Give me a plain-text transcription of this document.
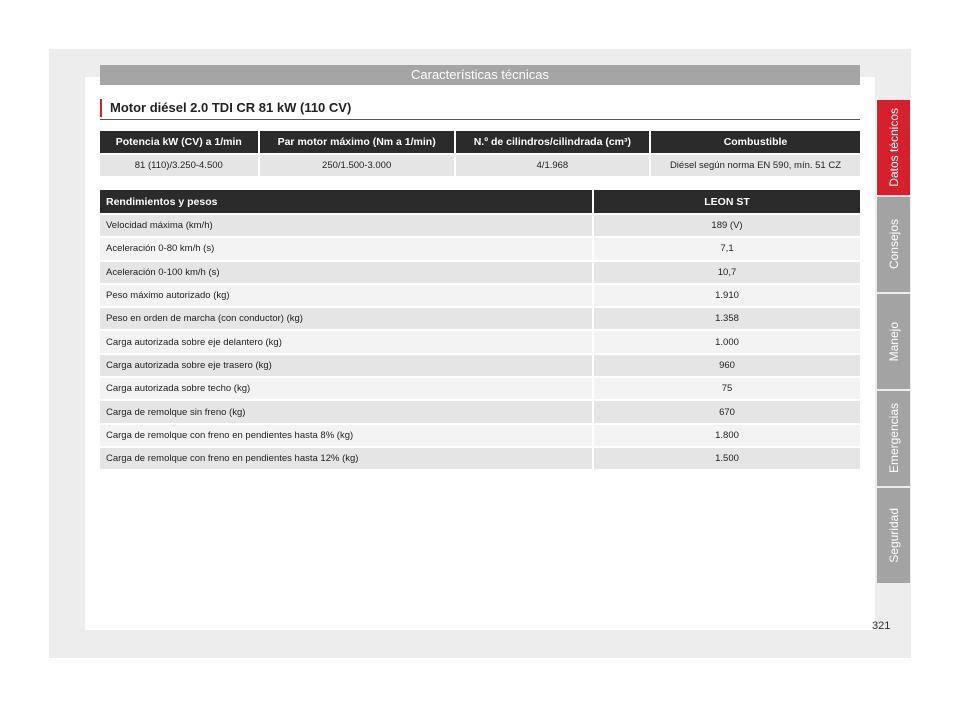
Características técnicas
Motor diésel 2.0 TDI CR 81 kW (110 CV)
Potencia kW (CV) a 1/min	Par motor máximo (Nm a 1/min)	N.º de cilindros/cilindrada (cm³)	Combustible
81 (110)/3.250-4.500	250/1.500-3.000	4/1.968	Diésel según norma EN 590, mín. 51 CZ
Rendimientos y pesos	LEON ST
Velocidad máxima (km/h)	189 (V)
Aceleración 0-80 km/h (s)	7,1
Aceleración 0-100 km/h (s)	10,7
Peso máximo autorizado (kg)	1.910
Peso en orden de marcha (con conductor) (kg)	1.358
Carga autorizada sobre eje delantero (kg)	1.000
Carga autorizada sobre eje trasero (kg)	960
Carga autorizada sobre techo (kg)	75
Carga de remolque sin freno (kg)	670
Carga de remolque con freno en pendientes hasta 8% (kg)	1.800
Carga de remolque con freno en pendientes hasta 12% (kg)	1.500
Datos técnicos
Consejos
Manejo
Emergencias
Seguridad
321
